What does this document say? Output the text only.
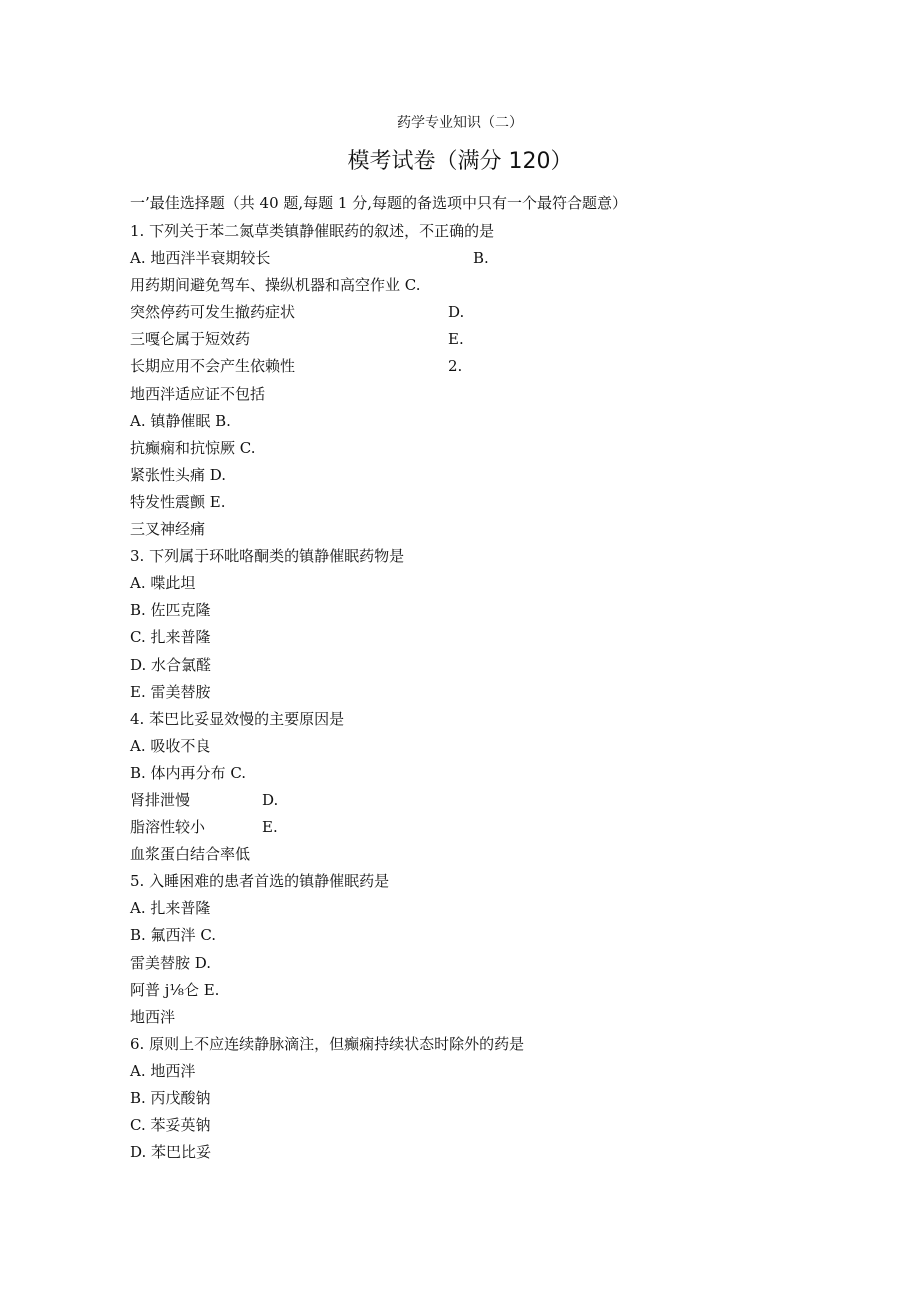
药学专业知识（二）
模考试卷（满分 120）
一’最佳选择题（共 40 题,每题 1 分,每题的备选项中只有一个最符合题意）
1. 下列关于苯二氮草类镇静催眠药的叙述，不正确的是
A. 地西泮半衰期较长	B.
用药期间避免驾车、操纵机器和高空作业 C.
突然停药可发生撤药症状	D.
三嘎仑属于短效药	E.
长期应用不会产生依赖性	2.
地西泮适应证不包括
A. 镇静催眠 B.
抗癫痫和抗惊厥 C.
紧张性头痛 D.
特发性震颤 E.
三叉神经痛
3. 下列属于环吡咯酮类的镇静催眠药物是
A. 喋此坦
B. 佐匹克隆
C. 扎来普隆
D. 水合氯醛
E. 雷美替胺
4. 苯巴比妥显效慢的主要原因是
A. 吸收不良
B. 体内再分布 C.
肾排泄慢	D.
脂溶性较小	E.
血浆蛋白结合率低
5. 入睡困难的患者首选的镇静催眠药是
A. 扎来普隆
B. 氟西泮 C.
雷美替胺 D.
阿普 j⅛仑 E.
地西泮
6. 原则上不应连续静脉滴注，但癫痫持续状态时除外的药是
A. 地西泮
B. 丙戊酸钠
C. 苯妥英钠
D. 苯巴比妥
